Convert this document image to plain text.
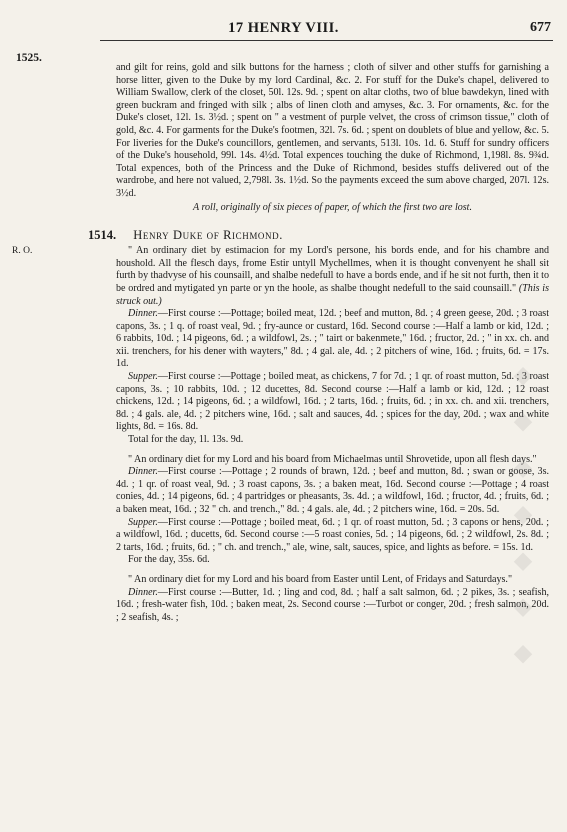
17 HENRY VIII.	677
1525.

and gilt for reins, gold and silk buttons for the harness ; cloth of silver and other stuffs for garnishing a horse litter, given to the Duke by my lord Cardinal, &c. 2. For stuff for the Duke's chapel, delivered to William Swallow, clerk of the closet, 50l. 12s. 9d. ; spent on altar cloths, two of blue bawdekyn, lined with green buckram and fringed with silk ; albs of linen cloth and amyses, &c. 3. For ornaments, &c. for the Duke's closet, 12l. 1s. 3½d. ; spent on " a vestment of purple velvet, the cross of crimson tissue," cloth of gold, &c. 4. For garments for the Duke's footmen, 32l. 7s. 6d. ; spent on doublets of blue and yellow, &c. 5. For liveries for the Duke's councillors, gentlemen, and servants, 513l. 10s. 1d. 6. Stuff for sundry officers of the Duke's household, 99l. 14s. 4½d. Total expences touching the duke of Richmond, 1,198l. 8s. 9¾d. Total expences, both of the Princess and the Duke of Richmond, besides stuffs delivered out of the wardrobe, and here not valued, 2,798l. 3s. 1½d. So the payments exceed the sum above charged, 207l. 12s. 3½d.

A roll, originally of six pieces of paper, of which the first two are lost.

1514. Henry Duke of Richmond.
R. O.	" An ordinary diet by estimacion for my Lord's persone, his bords ende, and for his chambre and houshold. All the flesch days, frome Estir untyll Mychellmes, when it is thought convenyent he shall sit furth by thadvyse of his counsaill, and shalbe nedefull to have a bords ende, and if he sit not furth, then it to be ordred and mytigated yn parte or yn the hoole, as shalbe thought nedefull to the said counsaill." (This is struck out.)

Dinner.—First course :—Pottage; boiled meat, 12d. ; beef and mutton, 8d. ; 4 green geese, 20d. ; 3 roast capons, 3s. ; 1 q. of roast veal, 9d. ; fry-aunce or custard, 16d. Second course :—Half a lamb or kid, 12d. ; 6 rabbits, 10d. ; 14 pigeons, 6d. ; a wildfowl, 2s. ; " tairt or bakenmete," 16d. ; fructor, 2d. ; " in xx. ch. and xii. trenchers, for his dener with wayters," 8d. ; 4 gal. ale, 4d. ; 2 pitchers of wine, 16d. ; fruits, 6d. = 17s. 1d.

Supper.—First course :—Pottage ; boiled meat, as chickens, 7 for 7d. ; 1 qr. of roast mutton, 5d. ; 3 roast capons, 3s. ; 10 rabbits, 10d. ; 12 ducettes, 8d. Second course :—Half a lamb or kid, 12d. ; 12 roast chickens, 12d. ; 14 pigeons, 6d. ; a wildfowl, 16d. ; 2 tarts, 16d. ; fruits, 6d. ; in xx. ch. and xii. trenchers, 8d. ; 4 gals. ale, 4d. ; 2 pitchers wine, 16d. ; salt and sauces, 4d. ; spices for the day, 20d. ; wax and white lights, 8d. = 16s. 8d.

Total for the day, 1l. 13s. 9d.

" An ordinary diet for my Lord and his board from Michaelmas until Shrovetide, upon all flesh days."

Dinner.—First course :—Pottage ; 2 rounds of brawn, 12d. ; beef and mutton, 8d. ; swan or goose, 3s. 4d. ; 1 qr. of roast veal, 9d. ; 3 roast capons, 3s. ; a baken meat, 16d. Second course :—Pottage ; 4 roast conies, 4d. ; 14 pigeons, 6d. ; 4 partridges or pheasants, 3s. 4d. ; a wildfowl, 16d. ; fructor, 4d. ; fruits, 6d. ; a baken meat, 16d. ; 32 " ch. and trench.," 8d. ; 4 gals. ale, 4d. ; 2 pitchers wine, 16d. = 20s. 5d.

Supper.—First course :—Pottage ; boiled meat, 6d. ; 1 qr. of roast mutton, 5d. ; 3 capons or hens, 20d. ; a wildfowl, 16d. ; ducetts, 6d. Second course :—5 roast conies, 5d. ; 14 pigeons, 6d. ; 2 wildfowl, 2s. 8d. ; 2 tarts, 16d. ; fruits, 6d. ; " ch. and trench.," ale, wine, salt, sauces, spice, and lights as before. = 15s. 1d.

For the day, 35s. 6d.

" An ordinary diet for my Lord and his board from Easter until Lent, of Fridays and Saturdays."

Dinner.—First course :—Butter, 1d. ; ling and cod, 8d. ; half a salt salmon, 6d. ; 2 pikes, 3s. ; seafish, 16d. ; fresh-water fish, 10d. ; baken meat, 2s. Second course :—Turbot or conger, 20d. ; fresh salmon, 20d. ; 2 seafish, 4s. ;	◆ ◆ ◆ ◆ ◆ ◆ ◆
